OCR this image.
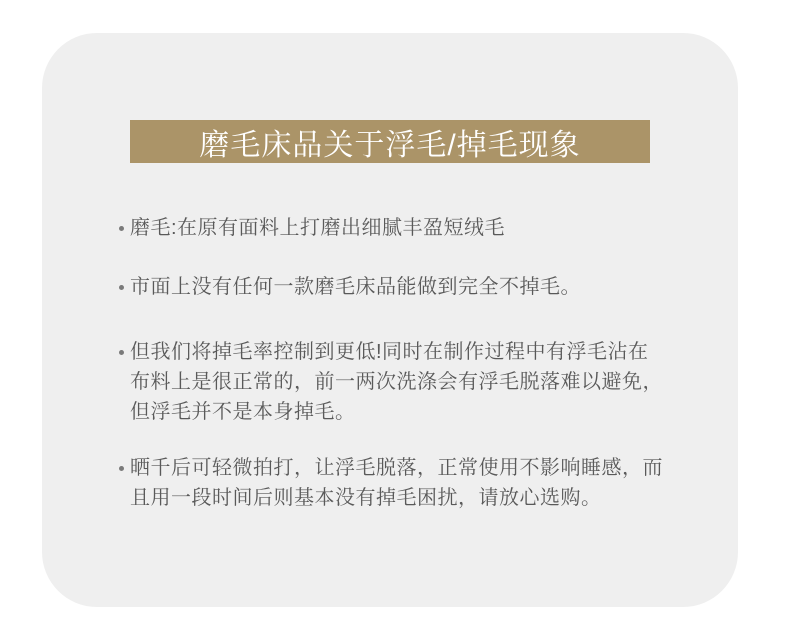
磨毛床品关于浮毛/掉毛现象
磨毛:在原有面料上打磨出细腻丰盈短绒毛
市面上没有任何一款磨毛床品能做到完全不掉毛。
但我们将掉毛率控制到更低!同时在制作过程中有浮毛沾在
布料上是很正常的，前一两次洗涤会有浮毛脱落难以避免，
但浮毛并不是本身掉毛。
晒千后可轻微拍打，让浮毛脱落，正常使用不影响睡感，而
且用一段时间后则基本没有掉毛困扰，请放心选购。
